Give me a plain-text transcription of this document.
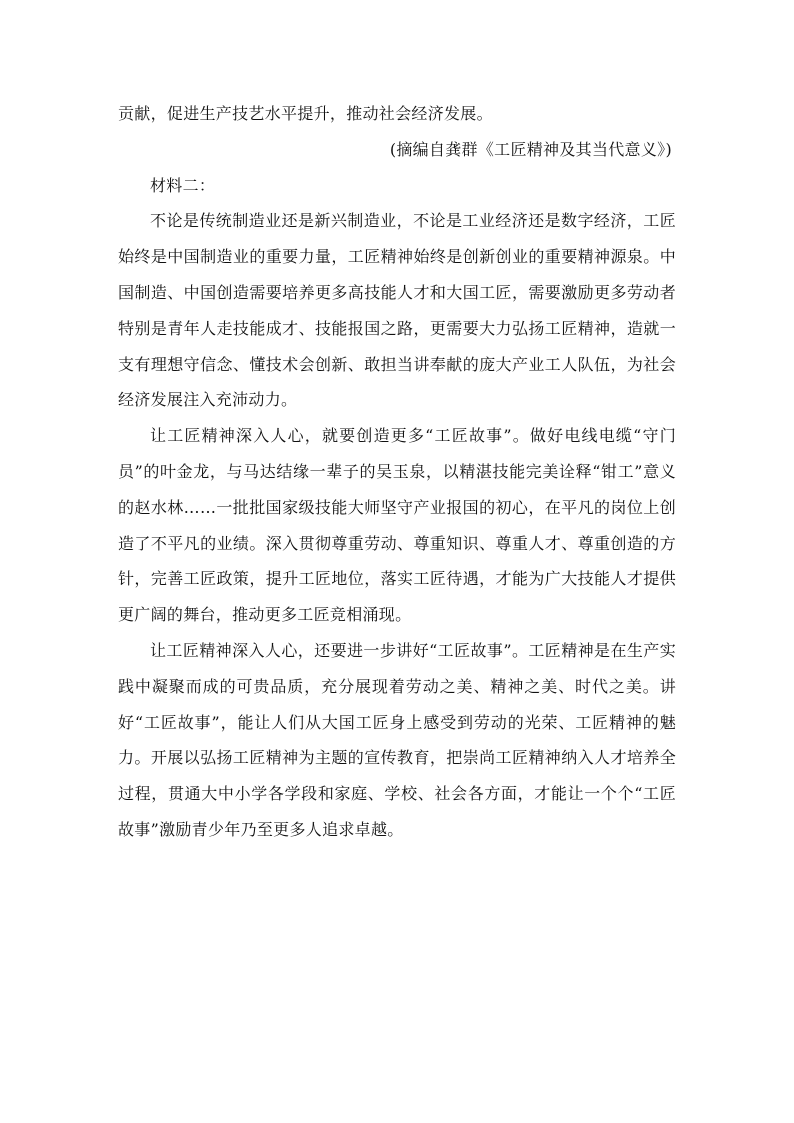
贡献，促进生产技艺水平提升，推动社会经济发展。

(摘编自龚群《工匠精神及其当代意义》)

材料二：

不论是传统制造业还是新兴制造业，不论是工业经济还是数字经济，工匠始终是中国制造业的重要力量，工匠精神始终是创新创业的重要精神源泉。中国制造、中国创造需要培养更多高技能人才和大国工匠，需要激励更多劳动者特别是青年人走技能成才、技能报国之路，更需要大力弘扬工匠精神，造就一支有理想守信念、懂技术会创新、敢担当讲奉献的庞大产业工人队伍，为社会经济发展注入充沛动力。

让工匠精神深入人心，就要创造更多“工匠故事”。做好电线电缆“守门员”的叶金龙，与马达结缘一辈子的吴玉泉，以精湛技能完美诠释“钳工”意义的赵水林……一批批国家级技能大师坚守产业报国的初心，在平凡的岗位上创造了不平凡的业绩。深入贯彻尊重劳动、尊重知识、尊重人才、尊重创造的方针，完善工匠政策，提升工匠地位，落实工匠待遇，才能为广大技能人才提供更广阔的舞台，推动更多工匠竞相涌现。

让工匠精神深入人心，还要进一步讲好“工匠故事”。工匠精神是在生产实践中凝聚而成的可贵品质，充分展现着劳动之美、精神之美、时代之美。讲好“工匠故事”，能让人们从大国工匠身上感受到劳动的光荣、工匠精神的魅力。开展以弘扬工匠精神为主题的宣传教育，把崇尚工匠精神纳入人才培养全过程，贯通大中小学各学段和家庭、学校、社会各方面，才能让一个个“工匠故事”激励青少年乃至更多人追求卓越。
